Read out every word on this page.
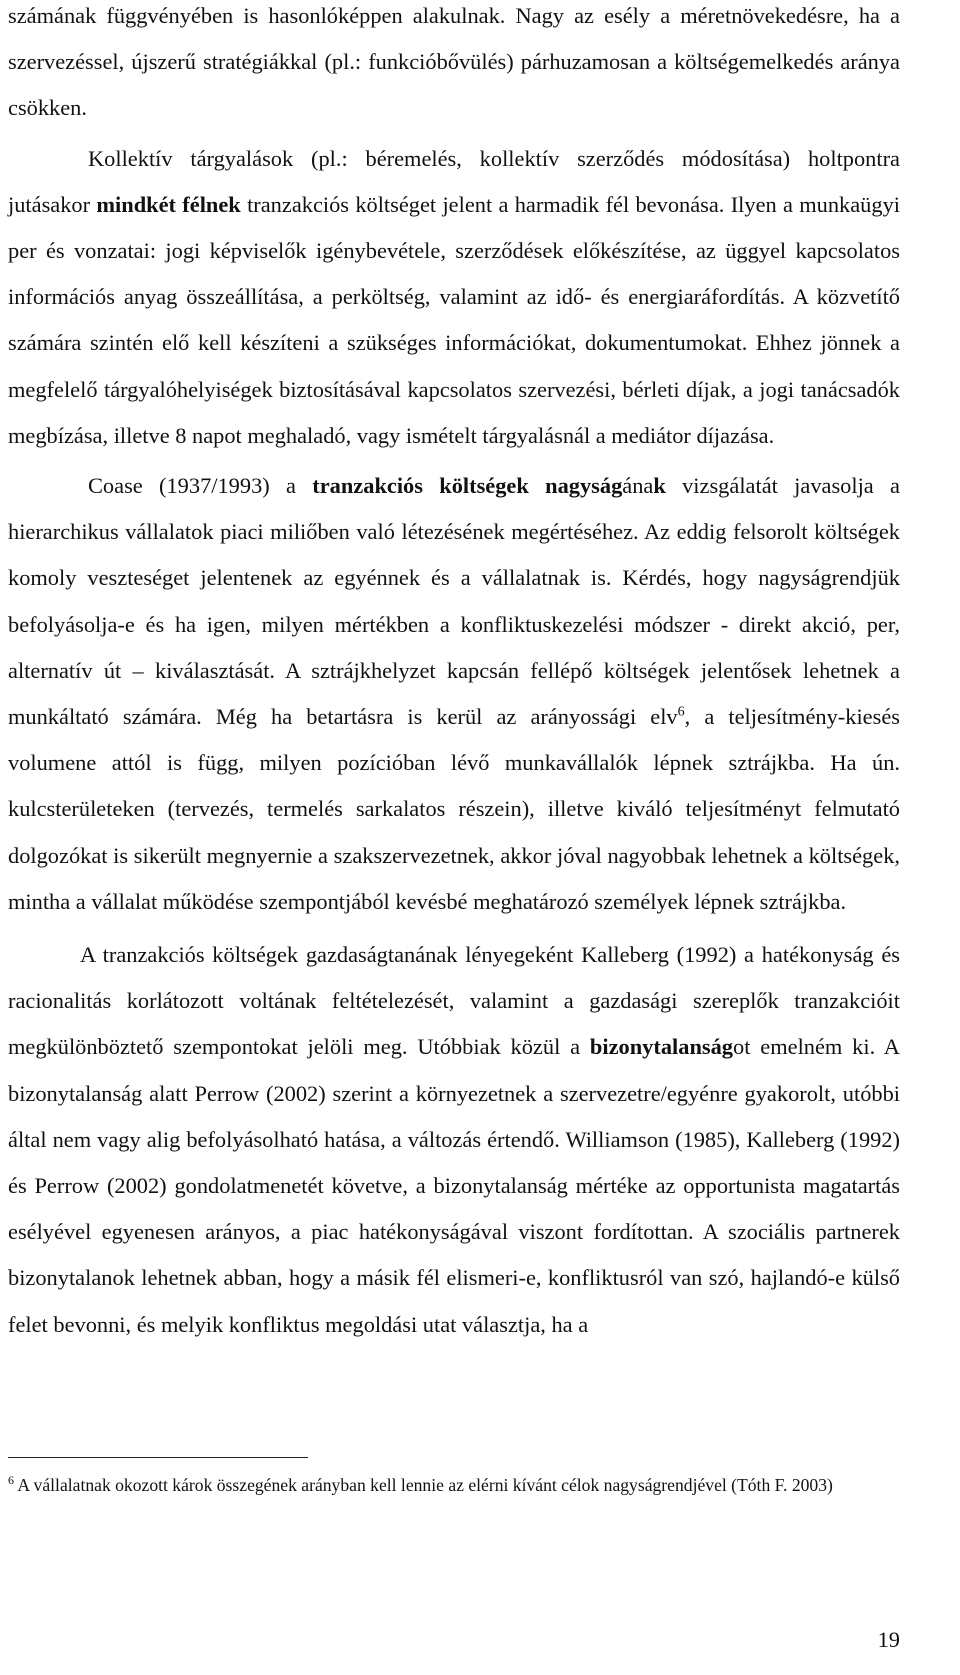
számának függvényében is hasonlóképpen alakulnak. Nagy az esély a méretnövekedésre, ha a szervezéssel, újszerű stratégiákkal (pl.: funkcióbővülés) párhuzamosan a költségemelkedés aránya csökken.

Kollektív tárgyalások (pl.: béremelés, kollektív szerződés módosítása) holtpontra jutásakor mindkét félnek tranzakciós költséget jelent a harmadik fél bevonása. Ilyen a munkaügyi per és vonzatai: jogi képviselők igénybevétele, szerződések előkészítése, az üggyel kapcsolatos információs anyag összeállítása, a perköltség, valamint az idő- és energiaráfordítás. A közvetítő számára szintén elő kell készíteni a szükséges információkat, dokumentumokat. Ehhez jönnek a megfelelő tárgyalóhelyiségek biztosításával kapcsolatos szervezési, bérleti díjak, a jogi tanácsadók megbízása, illetve 8 napot meghaladó, vagy ismételt tárgyalásnál a mediátor díjazása.

Coase (1937/1993) a tranzakciós költségek nagyságának vizsgálatát javasolja a hierarchikus vállalatok piaci miliőben való létezésének megértéséhez. Az eddig felsorolt költségek komoly veszteséget jelentenek az egyénnek és a vállalatnak is. Kérdés, hogy nagyságrendjük befolyásolja-e és ha igen, milyen mértékben a konfliktuskezelési módszer - direkt akció, per, alternatív út – kiválasztását. A sztrájkhelyzet kapcsán fellépő költségek jelentősek lehetnek a munkáltató számára. Még ha betartásra is kerül az arányossági elv$^6$, a teljesítmény-kiesés volumene attól is függ, milyen pozícióban lévő munkavállalók lépnek sztrájkba. Ha ún. kulcsterületeken (tervezés, termelés sarkalatos részein), illetve kiváló teljesítményt felmutató dolgozókat is sikerült megnyernie a szakszervezetnek, akkor jóval nagyobbak lehetnek a költségek, mintha a vállalat működése szempontjából kevésbé meghatározó személyek lépnek sztrájkba.

A tranzakciós költségek gazdaságtanának lényegeként Kalleberg (1992) a hatékonyság és racionalitás korlátozott voltának feltételezését, valamint a gazdasági szereplők tranzakcióit megkülönböztető szempontokat jelöli meg. Utóbbiak közül a bizonytalanságot emelném ki. A bizonytalanság alatt Perrow (2002) szerint a környezetnek a szervezetre/egyénre gyakorolt, utóbbi által nem vagy alig befolyásolható hatása, a változás értendő. Williamson (1985), Kalleberg (1992) és Perrow (2002) gondolatmenetét követve, a bizonytalanság mértéke az opportunista magatartás esélyével egyenesen arányos, a piac hatékonyságával viszont fordítottan. A szociális partnerek bizonytalanok lehetnek abban, hogy a másik fél elismeri-e, konfliktusról van szó, hajlandó-e külső felet bevonni, és melyik konfliktus megoldási utat választja, ha a

$^6$ A vállalatnak okozott károk összegének arányban kell lennie az elérni kívánt célok nagyságrendjével (Tóth F. 2003)

19
